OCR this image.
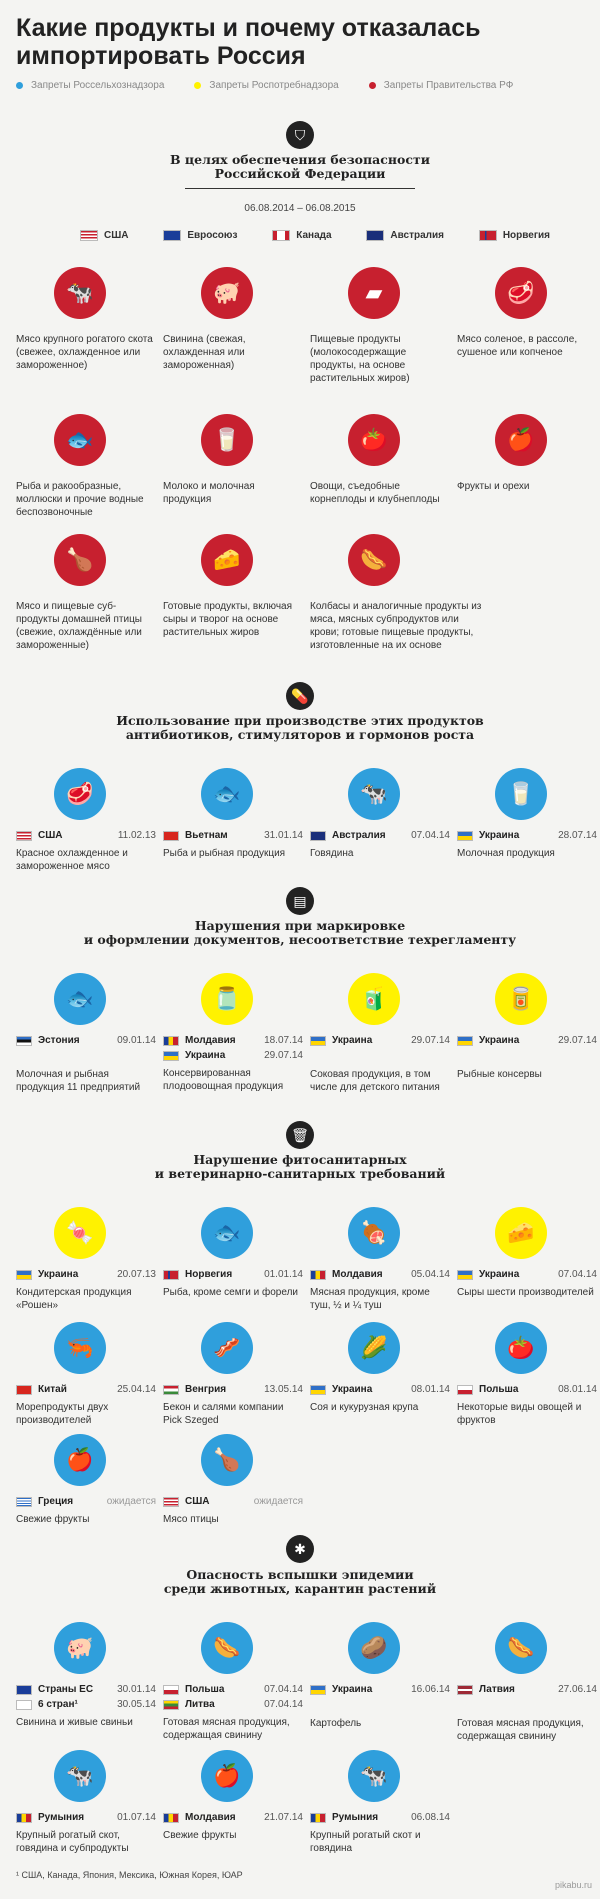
Какие продукты и почему отказалась импортировать Россия
Запреты Россельхознадзора	Запреты Роспотребнадзора	Запреты Правительства РФ
⛉
В целях обеспечения безопасности
Российской Федерации
06.08.2014 – 06.08.2015
США	Евросоюз	Канада	Австралия	Норвегия
🐄
Мясо крупного рогатого скота (свежее, охлажденное или замороженное)
🐖
Свинина (свежая, охлажденная или замороженная)
▰
Пищевые продукты (молокосодержащие продукты, на основе растительных жиров)
🥩
Мясо соленое, в рассоле, сушеное или копченое
🐟
Рыба и ракообразные, моллюски и прочие водные беспозвоночные
🥛
Молоко и молочная продукция
🍅
Овощи, съедобные корнеплоды и клубнеплоды
🍎
Фрукты и орехи
🍗
Мясо и пищевые суб-продукты домашней птицы (свежие, охлаждённые или замороженные)
🧀
Готовые продукты, включая сыры и творог на основе растительных жиров
🌭
Колбасы и аналогичные продукты из мяса, мясных субпродуктов или крови; готовые пищевые продукты, изготовленные на их основе
💊
Использование при производстве этих продуктов
антибиотиков, стимуляторов и гормонов роста
🥩
США	11.02.13
Красное охлажденное и замороженное мясо
🐟
Вьетнам	31.01.14
Рыба и рыбная продукция
🐄
Австралия	07.04.14
Говядина
🥛
Украина	28.07.14
Молочная продукция
▤
Нарушения при маркировке
и оформлении документов, несоответствие техрегламенту
🐟
Эстония	09.01.14
Молочная и рыбная продукция 11 предприятий
🫙
Молдавия	18.07.14
Украина	29.07.14
Консервированная плодоовощная продукция
🧃
Украина	29.07.14
Соковая продукция, в том числе для детского питания
🥫
Украина	29.07.14
Рыбные консервы
🗑
Нарушение фитосанитарных
и ветеринарно-санитарных требований
🍬
Украина	20.07.13
Кондитерская продукция «Рошен»
🐟
Норвегия	01.01.14
Рыба, кроме семги и форели
🍖
Молдавия	05.04.14
Мясная продукция, кроме туш, ½ и ¼ туш
🧀
Украина	07.04.14
Сыры шести производителей
🦐
Китай	25.04.14
Морепродукты двух производителей
🥓
Венгрия	13.05.14
Бекон и салями компании Pick Szeged
🌽
Украина	08.01.14
Соя и кукурузная крупа
🍅
Польша	08.01.14
Некоторые виды овощей и фруктов
🍎
Греция	ожидается
Свежие фрукты
🍗
США	ожидается
Мясо птицы
✱
Опасность вспышки эпидемии
среди животных, карантин растений
🐖
Страны ЕС 30.01.14
6 стран¹	30.05.14
Свинина и живые свиньи
🌭
Польша	07.04.14
Литва	07.04.14
Готовая мясная продукция, содержащая свинину
🥔
Украина	16.06.14
Картофель
🌭
Латвия	27.06.14
Готовая мясная продукция, содержащая свинину
🐄
Румыния	01.07.14
Крупный рогатый скот, говядина и субпродукты
🍎
Молдавия	21.07.14
Свежие фрукты
🐄
Румыния	06.08.14
Крупный рогатый скот и говядина
¹ США, Канада, Япония, Мексика, Южная Корея, ЮАР
pikabu.ru
